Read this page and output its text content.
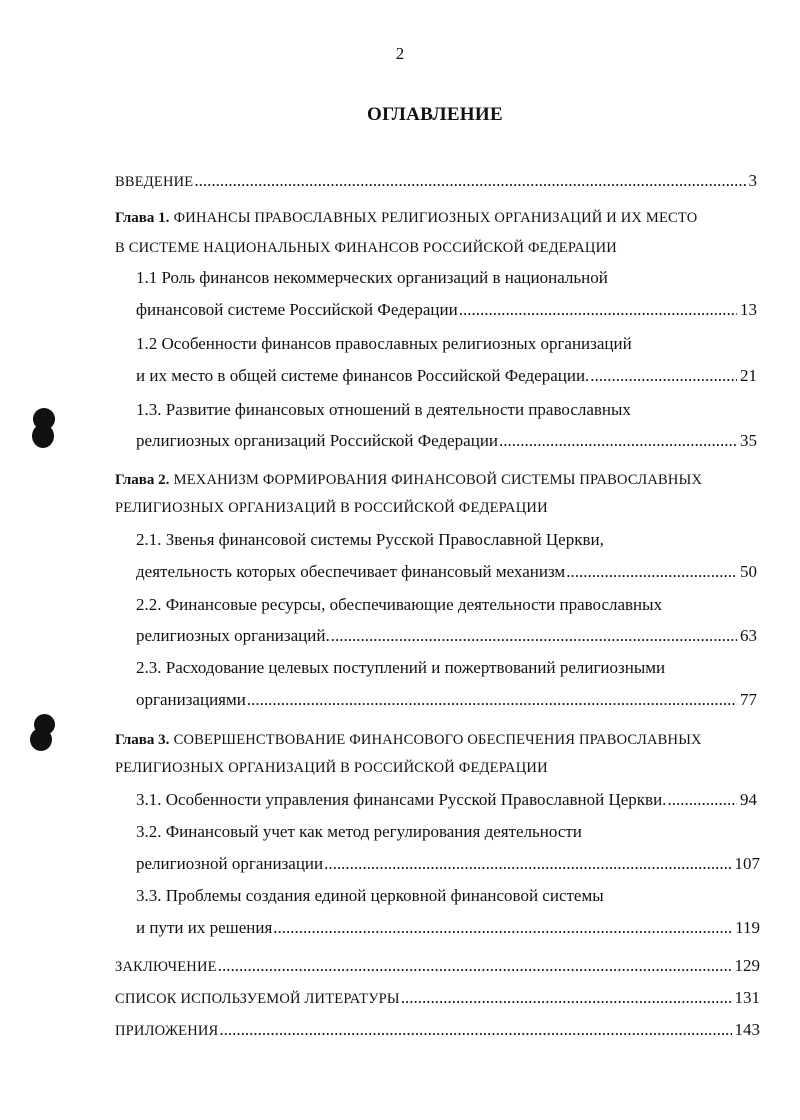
2
ОГЛАВЛЕНИЕ
ВВЕДЕНИЕ .....	3
Глава 1. ФИНАНСЫ ПРАВОСЛАВНЫХ РЕЛИГИОЗНЫХ ОРГАНИЗАЦИЙ И ИХ МЕСТО
В СИСТЕМЕ НАЦИОНАЛЬНЫХ ФИНАНСОВ РОССИЙСКОЙ ФЕДЕРАЦИИ
1.1 Роль финансов некоммерческих организаций в национальной
финансовой системе Российской Федерации .....	13
1.2 Особенности финансов православных религиозных организаций
и их место в общей системе финансов Российской Федерации. .....	21
1.3. Развитие финансовых отношений в деятельности православных
религиозных организаций Российской Федерации .....	35
Глава 2. МЕХАНИЗМ ФОРМИРОВАНИЯ ФИНАНСОВОЙ СИСТЕМЫ ПРАВОСЛАВНЫХ
РЕЛИГИОЗНЫХ ОРГАНИЗАЦИЙ В РОССИЙСКОЙ ФЕДЕРАЦИИ
2.1. Звенья финансовой системы Русской Православной Церкви,
деятельность которых обеспечивает финансовый механизм .....	50
2.2. Финансовые ресурсы, обеспечивающие деятельности православных
религиозных организаций. .....	63
2.3. Расходование целевых поступлений и пожертвований религиозными
организациями .....	77
Глава 3. СОВЕРШЕНСТВОВАНИЕ ФИНАНСОВОГО ОБЕСПЕЧЕНИЯ ПРАВОСЛАВНЫХ
РЕЛИГИОЗНЫХ ОРГАНИЗАЦИЙ В РОССИЙСКОЙ ФЕДЕРАЦИИ
3.1. Особенности управления финансами Русской Православной Церкви. .....	94
3.2. Финансовый учет как метод регулирования деятельности
религиозной организации .....	107
3.3. Проблемы создания единой церковной финансовой системы
и пути их решения .....	119
ЗАКЛЮЧЕНИЕ .....	129
СПИСОК ИСПОЛЬЗУЕМОЙ ЛИТЕРАТУРЫ .....	131
ПРИЛОЖЕНИЯ .....	143
